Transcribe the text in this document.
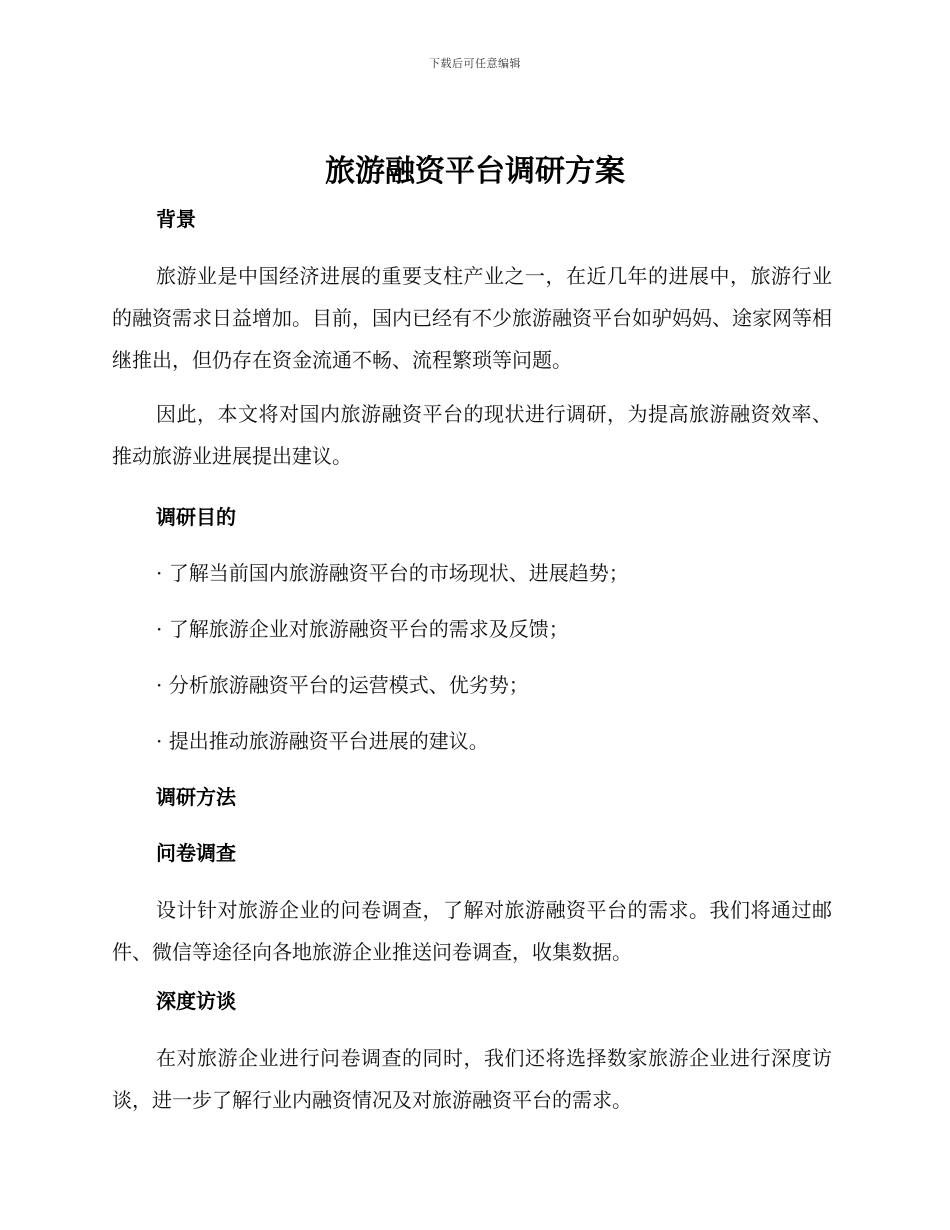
下载后可任意编辑
旅游融资平台调研方案
背景

旅游业是中国经济进展的重要支柱产业之一，在近几年的进展中，旅游行业的融资需求日益增加。目前，国内已经有不少旅游融资平台如驴妈妈、途家网等相继推出，但仍存在资金流通不畅、流程繁琐等问题。

因此，本文将对国内旅游融资平台的现状进行调研，为提高旅游融资效率、推动旅游业进展提出建议。

调研目的
· 了解当前国内旅游融资平台的市场现状、进展趋势；
· 了解旅游企业对旅游融资平台的需求及反馈；
· 分析旅游融资平台的运营模式、优劣势；
· 提出推动旅游融资平台进展的建议。
调研方法
问卷调查

设计针对旅游企业的问卷调查，了解对旅游融资平台的需求。我们将通过邮件、微信等途径向各地旅游企业推送问卷调查，收集数据。

深度访谈

在对旅游企业进行问卷调查的同时，我们还将选择数家旅游企业进行深度访谈，进一步了解行业内融资情况及对旅游融资平台的需求。
